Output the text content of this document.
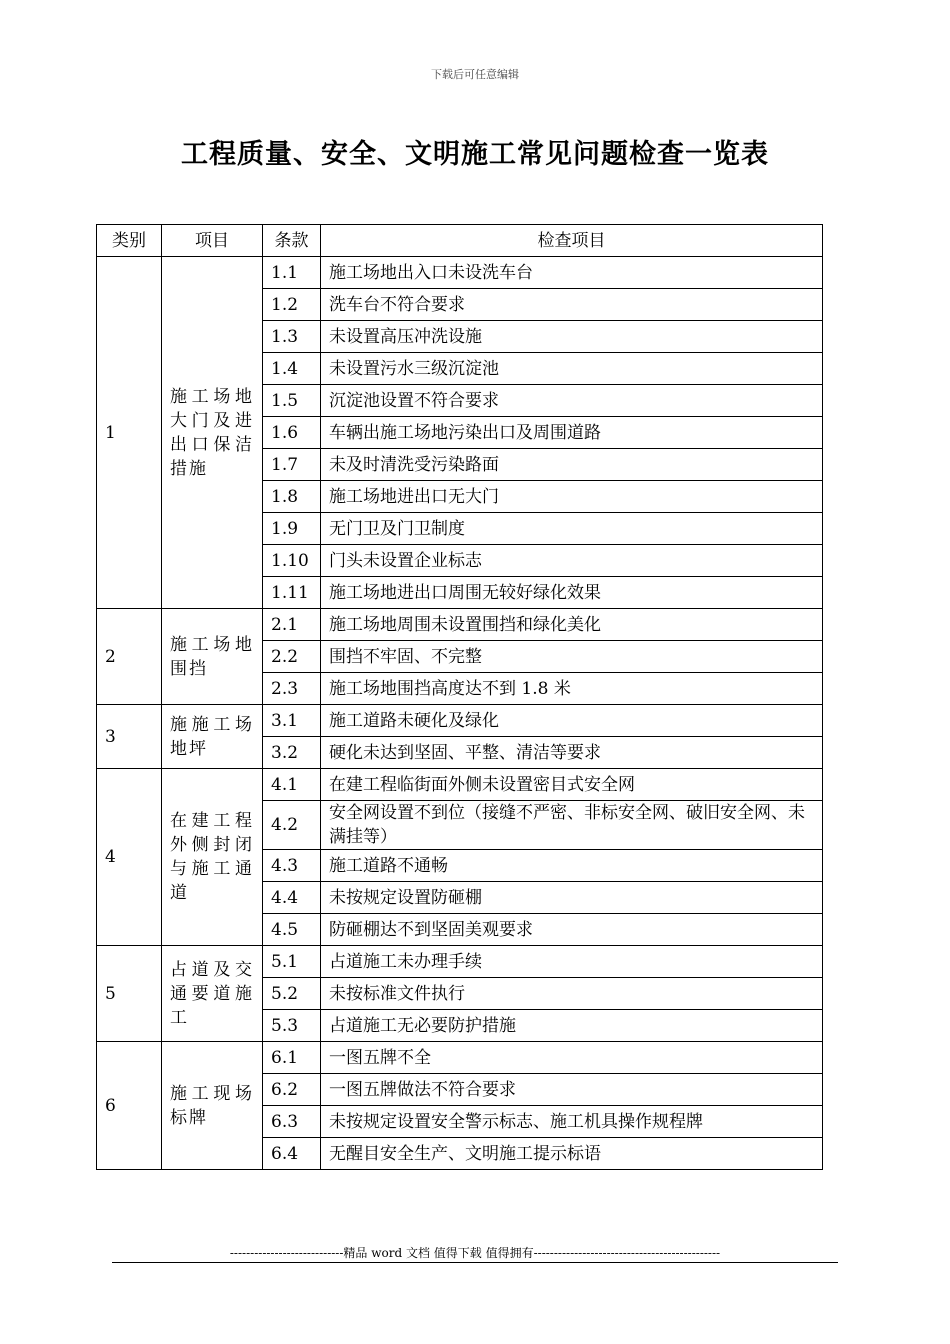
下载后可任意编辑
工程质量、安全、文明施工常见问题检查一览表
类别	项目	条款	检查项目
1	施工场地大门及进出口保洁措施	1.1	施工场地出入口未设洗车台
		1.2	洗车台不符合要求
		1.3	未设置高压冲洗设施
		1.4	未设置污水三级沉淀池
		1.5	沉淀池设置不符合要求
		1.6	车辆出施工场地污染出口及周围道路
		1.7	未及时清洗受污染路面
		1.8	施工场地进出口无大门
		1.9	无门卫及门卫制度
		1.10	门头未设置企业标志
		1.11	施工场地进出口周围无较好绿化效果
2	施工场地围挡	2.1	施工场地周围未设置围挡和绿化美化
		2.2	围挡不牢固、不完整
		2.3	施工场地围挡高度达不到 1.8 米
3	施施工场地坪	3.1	施工道路未硬化及绿化
		3.2	硬化未达到坚固、平整、清洁等要求
4	在建工程外侧封闭与施工通道	4.1	在建工程临街面外侧未设置密目式安全网
		4.2	安全网设置不到位（接缝不严密、非标安全网、破旧安全网、未满挂等）
		4.3	施工道路不通畅
		4.4	未按规定设置防砸棚
		4.5	防砸棚达不到坚固美观要求
5	占道及交通要道施工	5.1	占道施工未办理手续
		5.2	未按标准文件执行
		5.3	占道施工无必要防护措施
6	施工现场标牌	6.1	一图五牌不全
		6.2	一图五牌做法不符合要求
		6.3	未按规定设置安全警示标志、施工机具操作规程牌
		6.4	无醒目安全生产、文明施工提示标语
----------------------------精品 word 文档 值得下载 值得拥有----------------------------------------------
